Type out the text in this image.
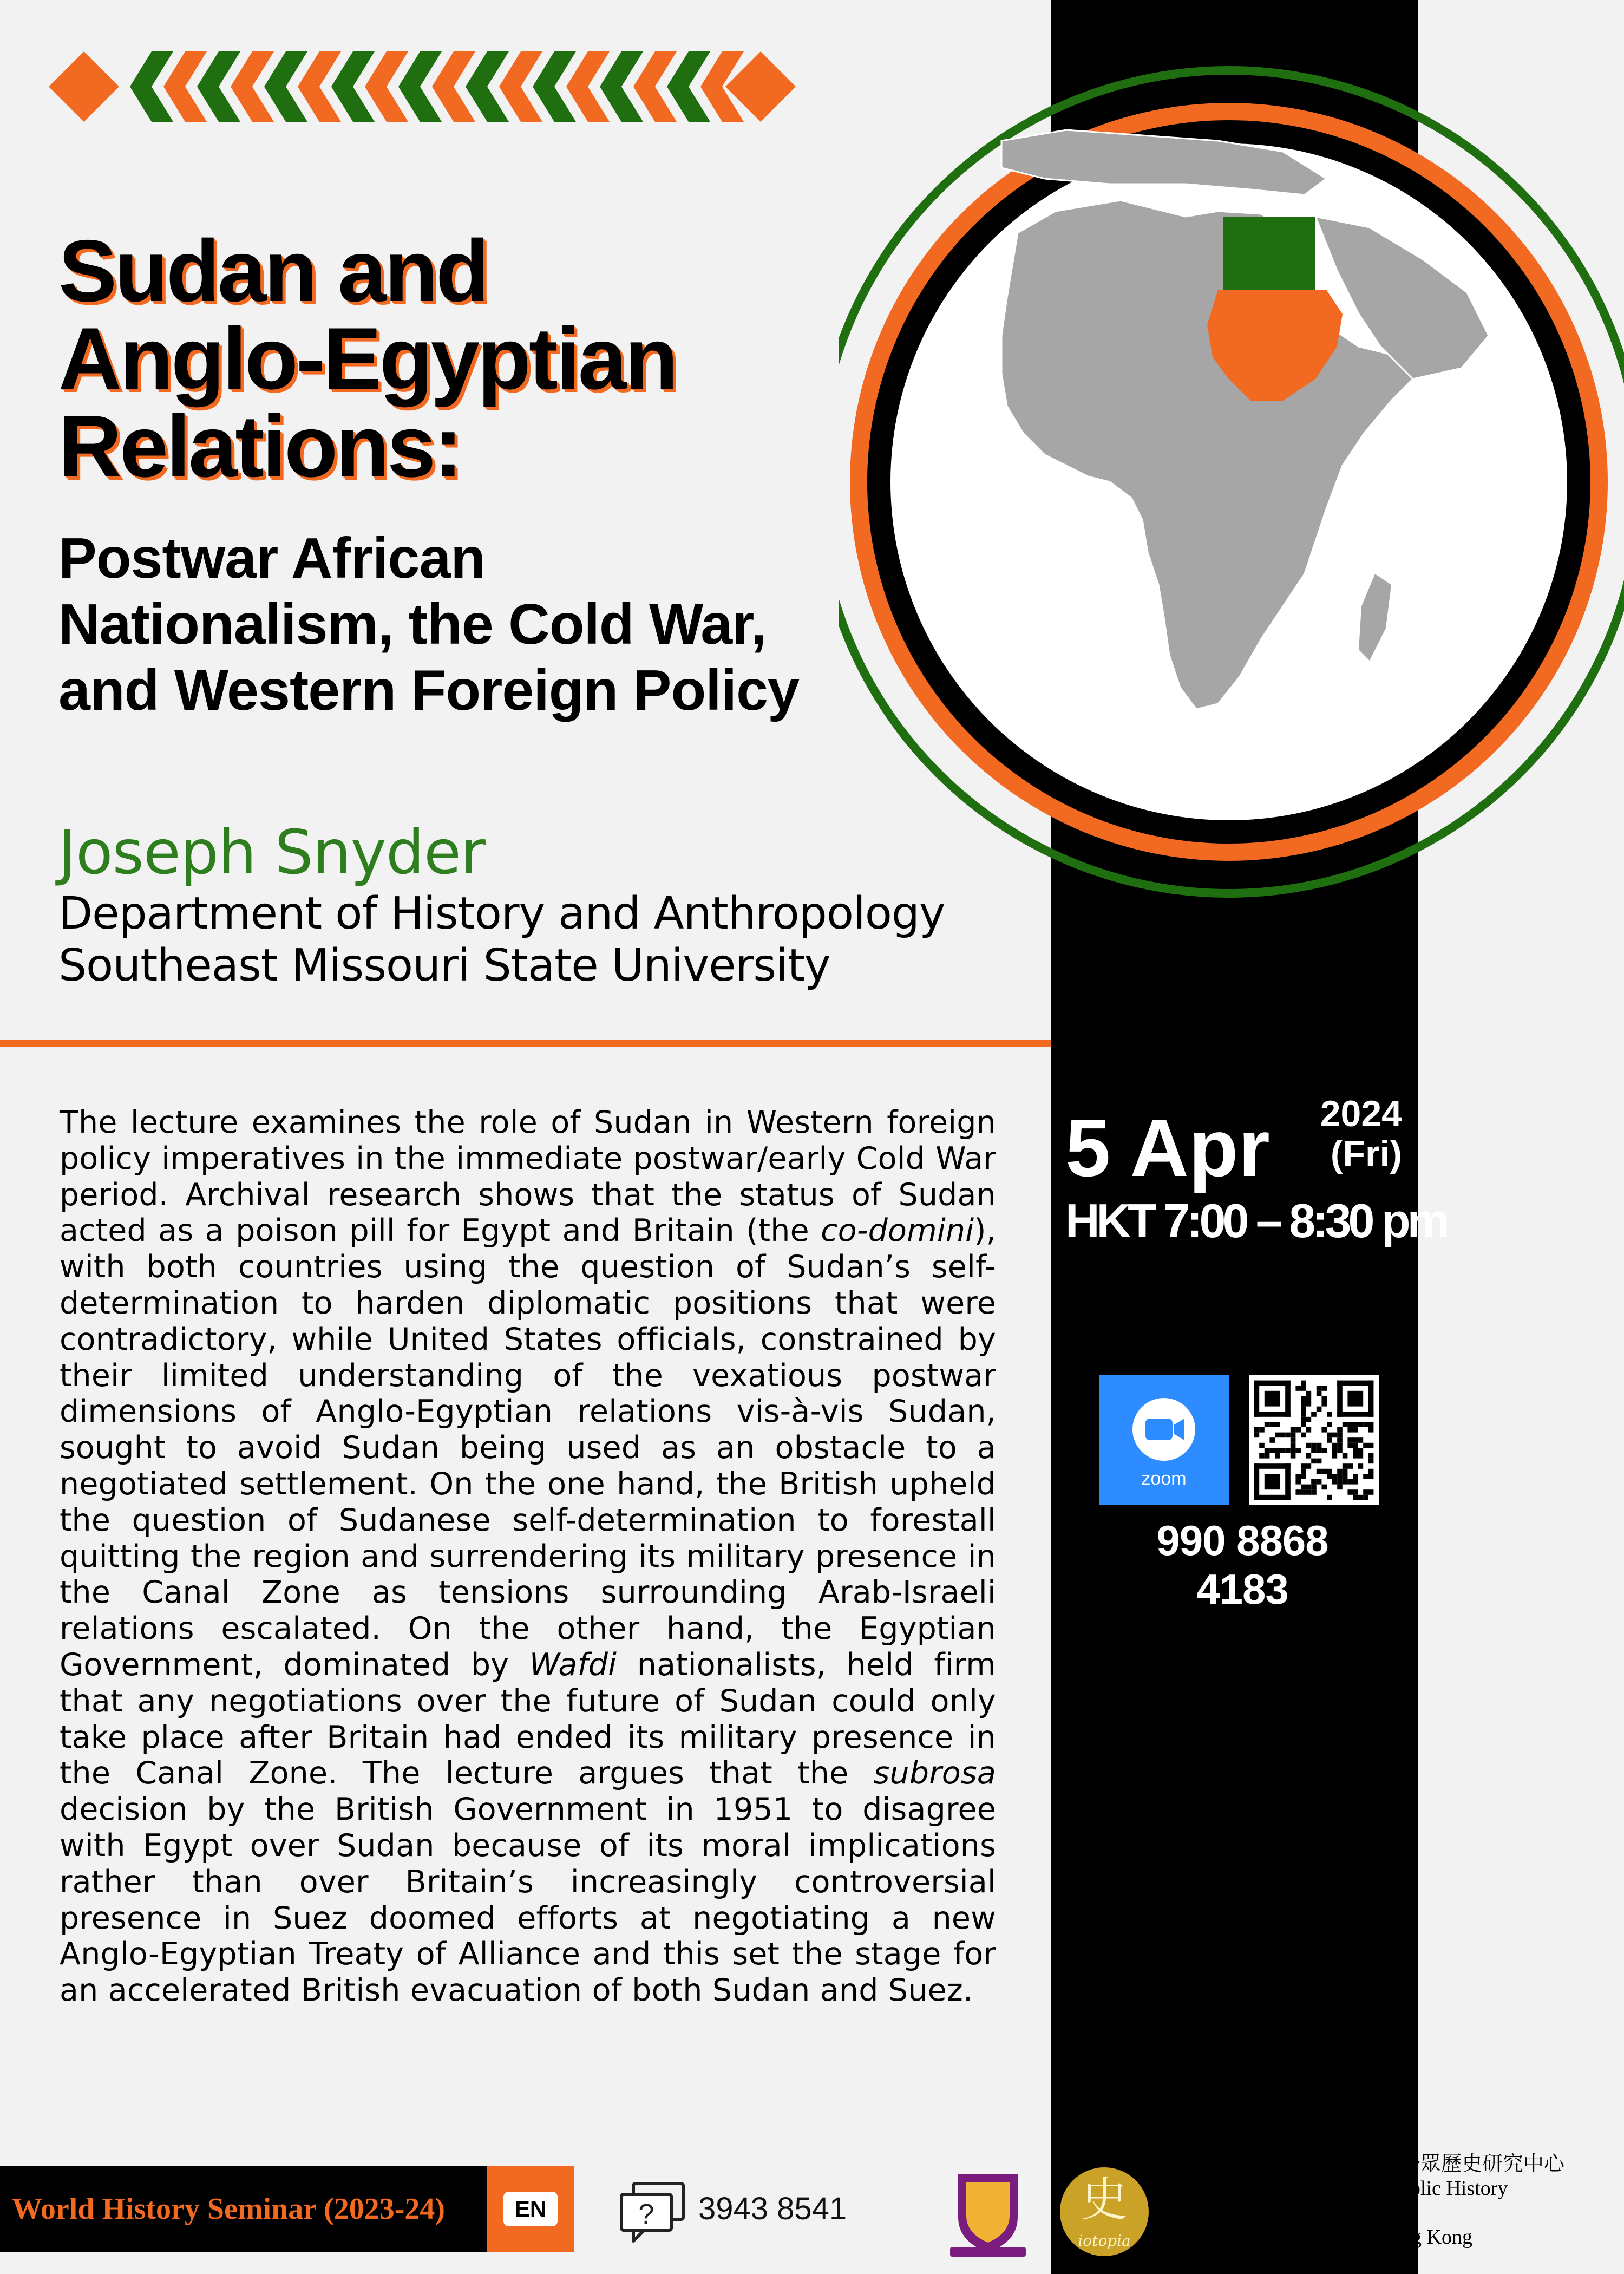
Sudan and
Anglo-Egyptian
Relations:
Postwar African
Nationalism, the Cold War,
and Western Foreign Policy
Joseph Snyder
Department of History and Anthropology
Southeast Missouri State University
The lecture examines the role of Sudan in Western foreign policy imperatives in the immediate postwar/early Cold War period. Archival research shows that the status of Sudan acted as a poison pill for Egypt and Britain (the co-domini), with both countries using the question of Sudan’s self-determination to harden diplomatic positions that were contradictory, while United States officials, constrained by their limited understanding of the vexatious postwar dimensions of Anglo-Egyptian relations vis-à-vis Sudan, sought to avoid Sudan being used as an obstacle to a negotiated settlement. On the one hand, the British upheld the question of Sudanese self-determination to forestall quitting the region and surrendering its military presence in the Canal Zone as tensions surrounding Arab-Israeli relations escalated. On the other hand, the Egyptian Government, dominated by Wafdi nationalists, held firm that any negotiations over the future of Sudan could only take place after Britain had ended its military presence in the Canal Zone. The lecture argues that the subrosa decision by the British Government in 1951 to disagree with Egypt over Sudan because of its moral implications rather than over Britain’s increasingly controversial presence in Suez doomed efforts at negotiating a new Anglo-Egyptian Treaty of Alliance and this set the stage for an accelerated British evacuation of both Sudan and Suez.
5 Apr	2024
(Fri)
HKT 7:00 – 8:30 pm
zoom
990 8868 4183
World History Seminar (2023-24)	EN	? 3943 8541	史
iotopia
香港中文大學歷史系比較及公眾歷史研究中心
Centre for Comparative and Public History
Department of History
The Chinese University of Hong Kong
